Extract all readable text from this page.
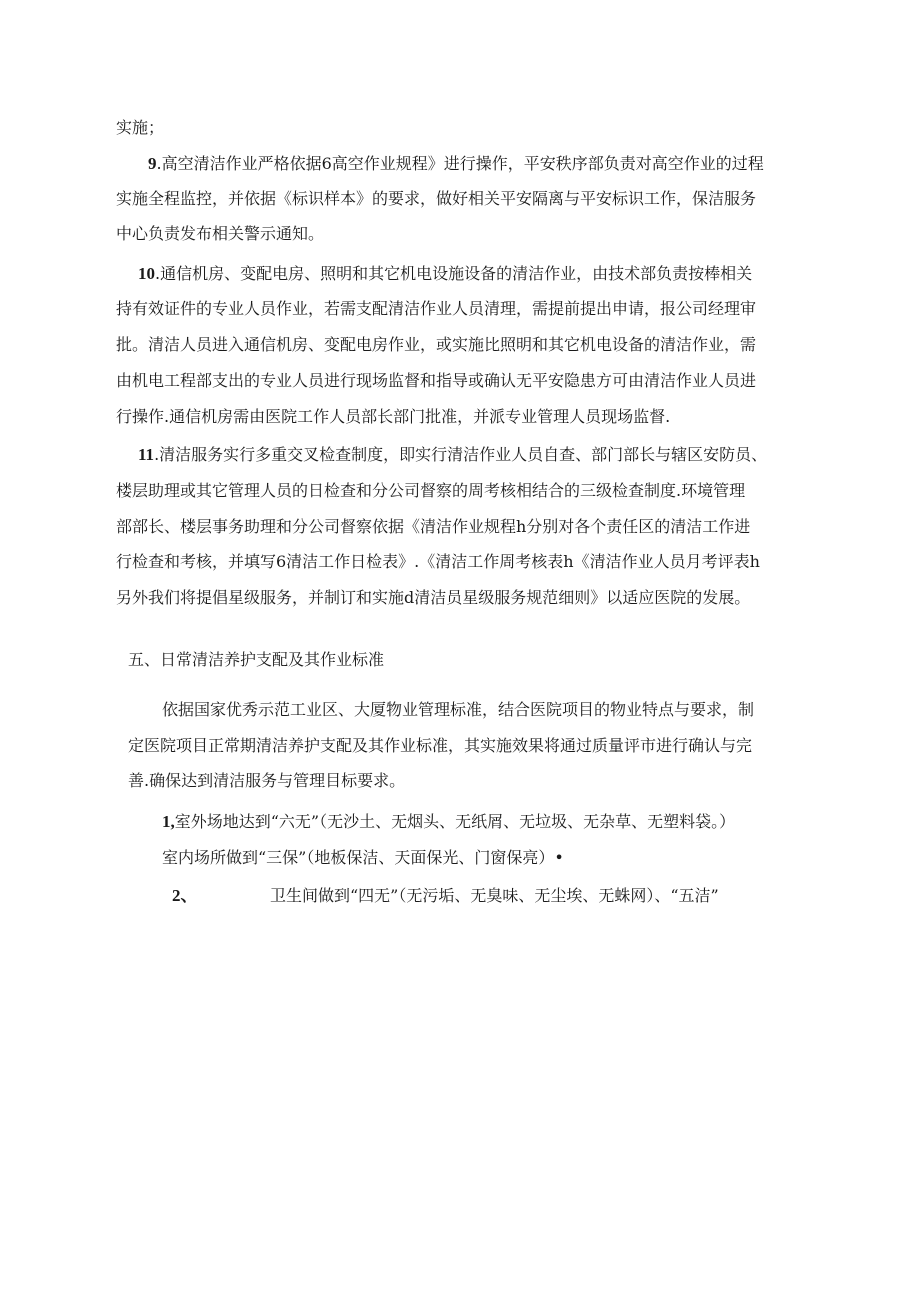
实施；
9.高空清洁作业严格依据6高空作业规程》进行操作，平安秩序部负责对高空作业的过程
实施全程监控，并依据《标识样本》的要求，做好相关平安隔离与平安标识工作，保洁服务
中心负责发布相关警示通知。
10.通信机房、变配电房、照明和其它机电设施设备的清洁作业，由技术部负责按棒相关
持有效证件的专业人员作业，若需支配清洁作业人员清理，需提前提出申请，报公司经理审
批。清洁人员进入通信机房、变配电房作业，或实施比照明和其它机电设备的清洁作业，需
由机电工程部支出的专业人员进行现场监督和指导或确认无平安隐患方可由清洁作业人员进
行操作.通信机房需由医院工作人员部长部门批准，并派专业管理人员现场监督.
11.清洁服务实行多重交叉检查制度，即实行清洁作业人员自查、部门部长与辖区安防员、
楼层助理或其它管理人员的日检查和分公司督察的周考核相结合的三级检查制度.环境管理
部部长、楼层事务助理和分公司督察依据《清洁作业规程h分别对各个责任区的清洁工作进
行检查和考核，并填写6清洁工作日检表》.《清洁工作周考核表h《清洁作业人员月考评表h
另外我们将提倡星级服务，并制订和实施d清洁员星级服务规范细则》以适应医院的发展。
五、日常清洁养护支配及其作业标准
依据国家优秀示范工业区、大厦物业管理标准，结合医院项目的物业特点与要求，制
定医院项目正常期清洁养护支配及其作业标准，其实施效果将通过质量评市进行确认与完
善.确保达到清洁服务与管理目标要求。
1,室外场地达到“六无”（无沙土、无烟头、无纸屑、无垃圾、无杂草、无塑料袋。）
室内场所做到“三保”（地板保洁、天面保光、门窗保亮）•
2、	卫生间做到“四无”（无污垢、无臭味、无尘埃、无蛛网）、“五洁”
